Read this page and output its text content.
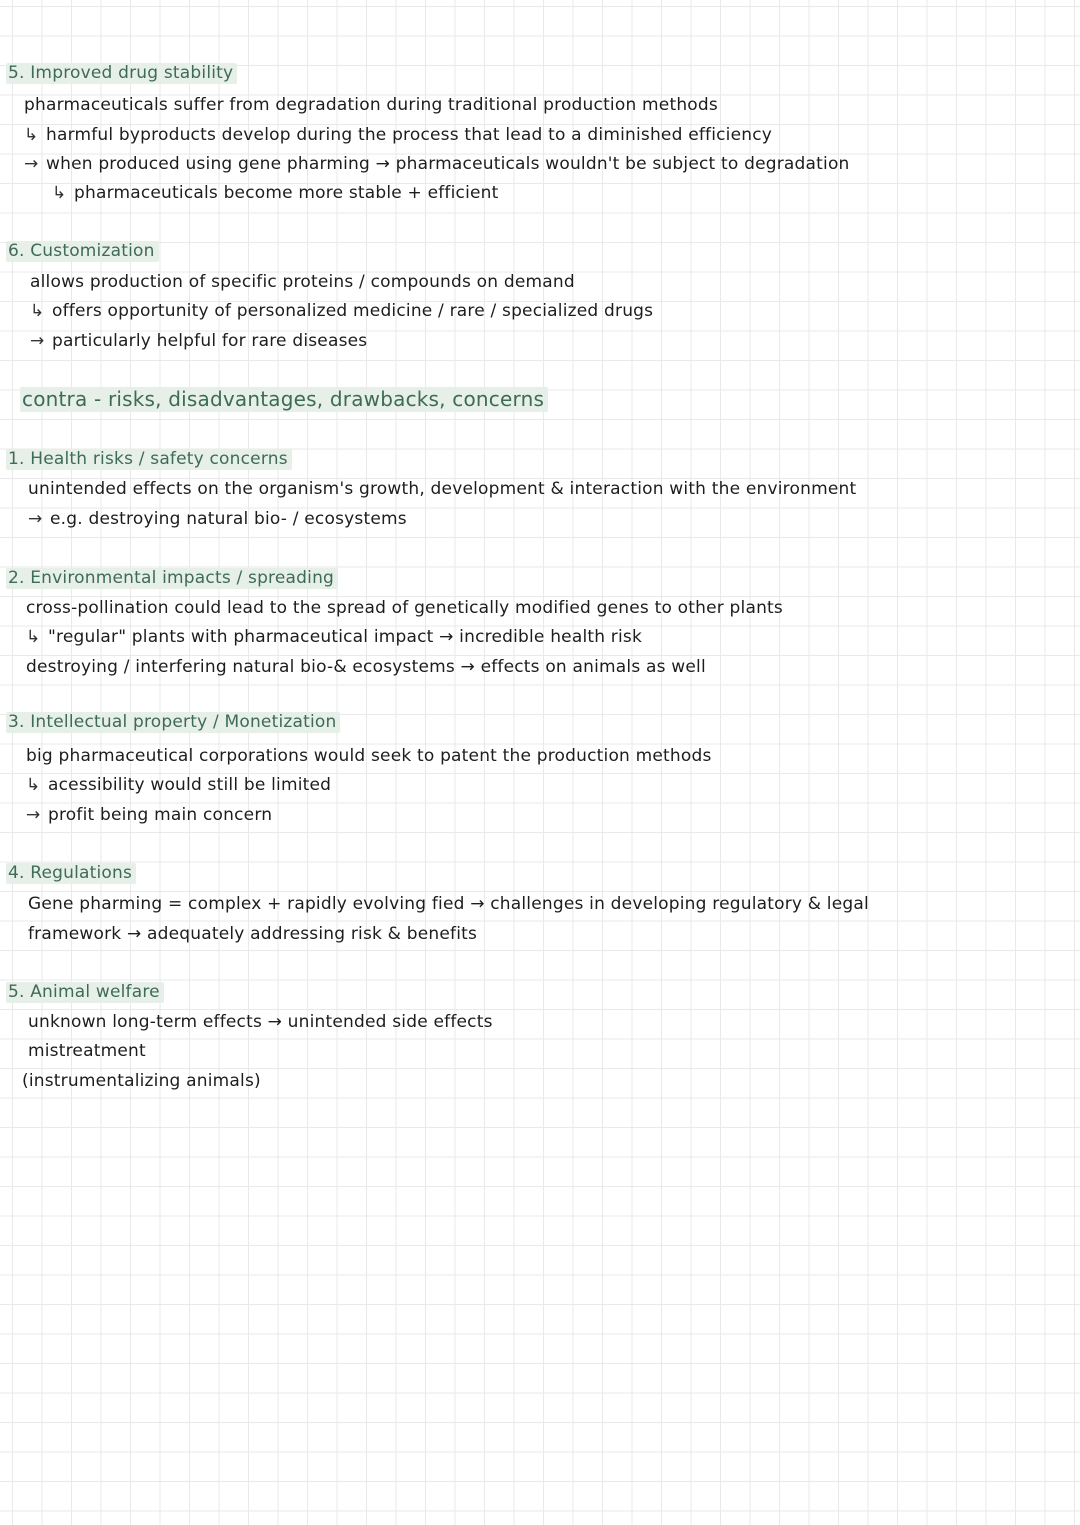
5. Improved drug stability
pharmaceuticals suffer from degradation during traditional production methods
↳ harmful byproducts develop during the process that lead to a diminished efficiency
→ when produced using gene pharming → pharmaceuticals wouldn't be subject to degradation
↳ pharmaceuticals become more stable + efficient
6. Customization
allows production of specific proteins / compounds on demand
↳ offers opportunity of personalized medicine / rare / specialized drugs
→ particularly helpful for rare diseases
contra - risks, disadvantages, drawbacks, concerns
1. Health risks / safety concerns
unintended effects on the organism's growth, development & interaction with the environment
→ e.g. destroying natural bio- / ecosystems
2. Environmental impacts / spreading
cross-pollination could lead to the spread of genetically modified genes to other plants
↳ "regular" plants with pharmaceutical impact → incredible health risk
destroying / interfering natural bio-& ecosystems → effects on animals as well
3. Intellectual property / Monetization
big pharmaceutical corporations would seek to patent the production methods
↳ acessibility would still be limited
→ profit being main concern
4. Regulations
Gene pharming = complex + rapidly evolving fied → challenges in developing regulatory & legal
framework → adequately addressing risk & benefits
5. Animal welfare
unknown long-term effects → unintended side effects
mistreatment
(instrumentalizing animals)
